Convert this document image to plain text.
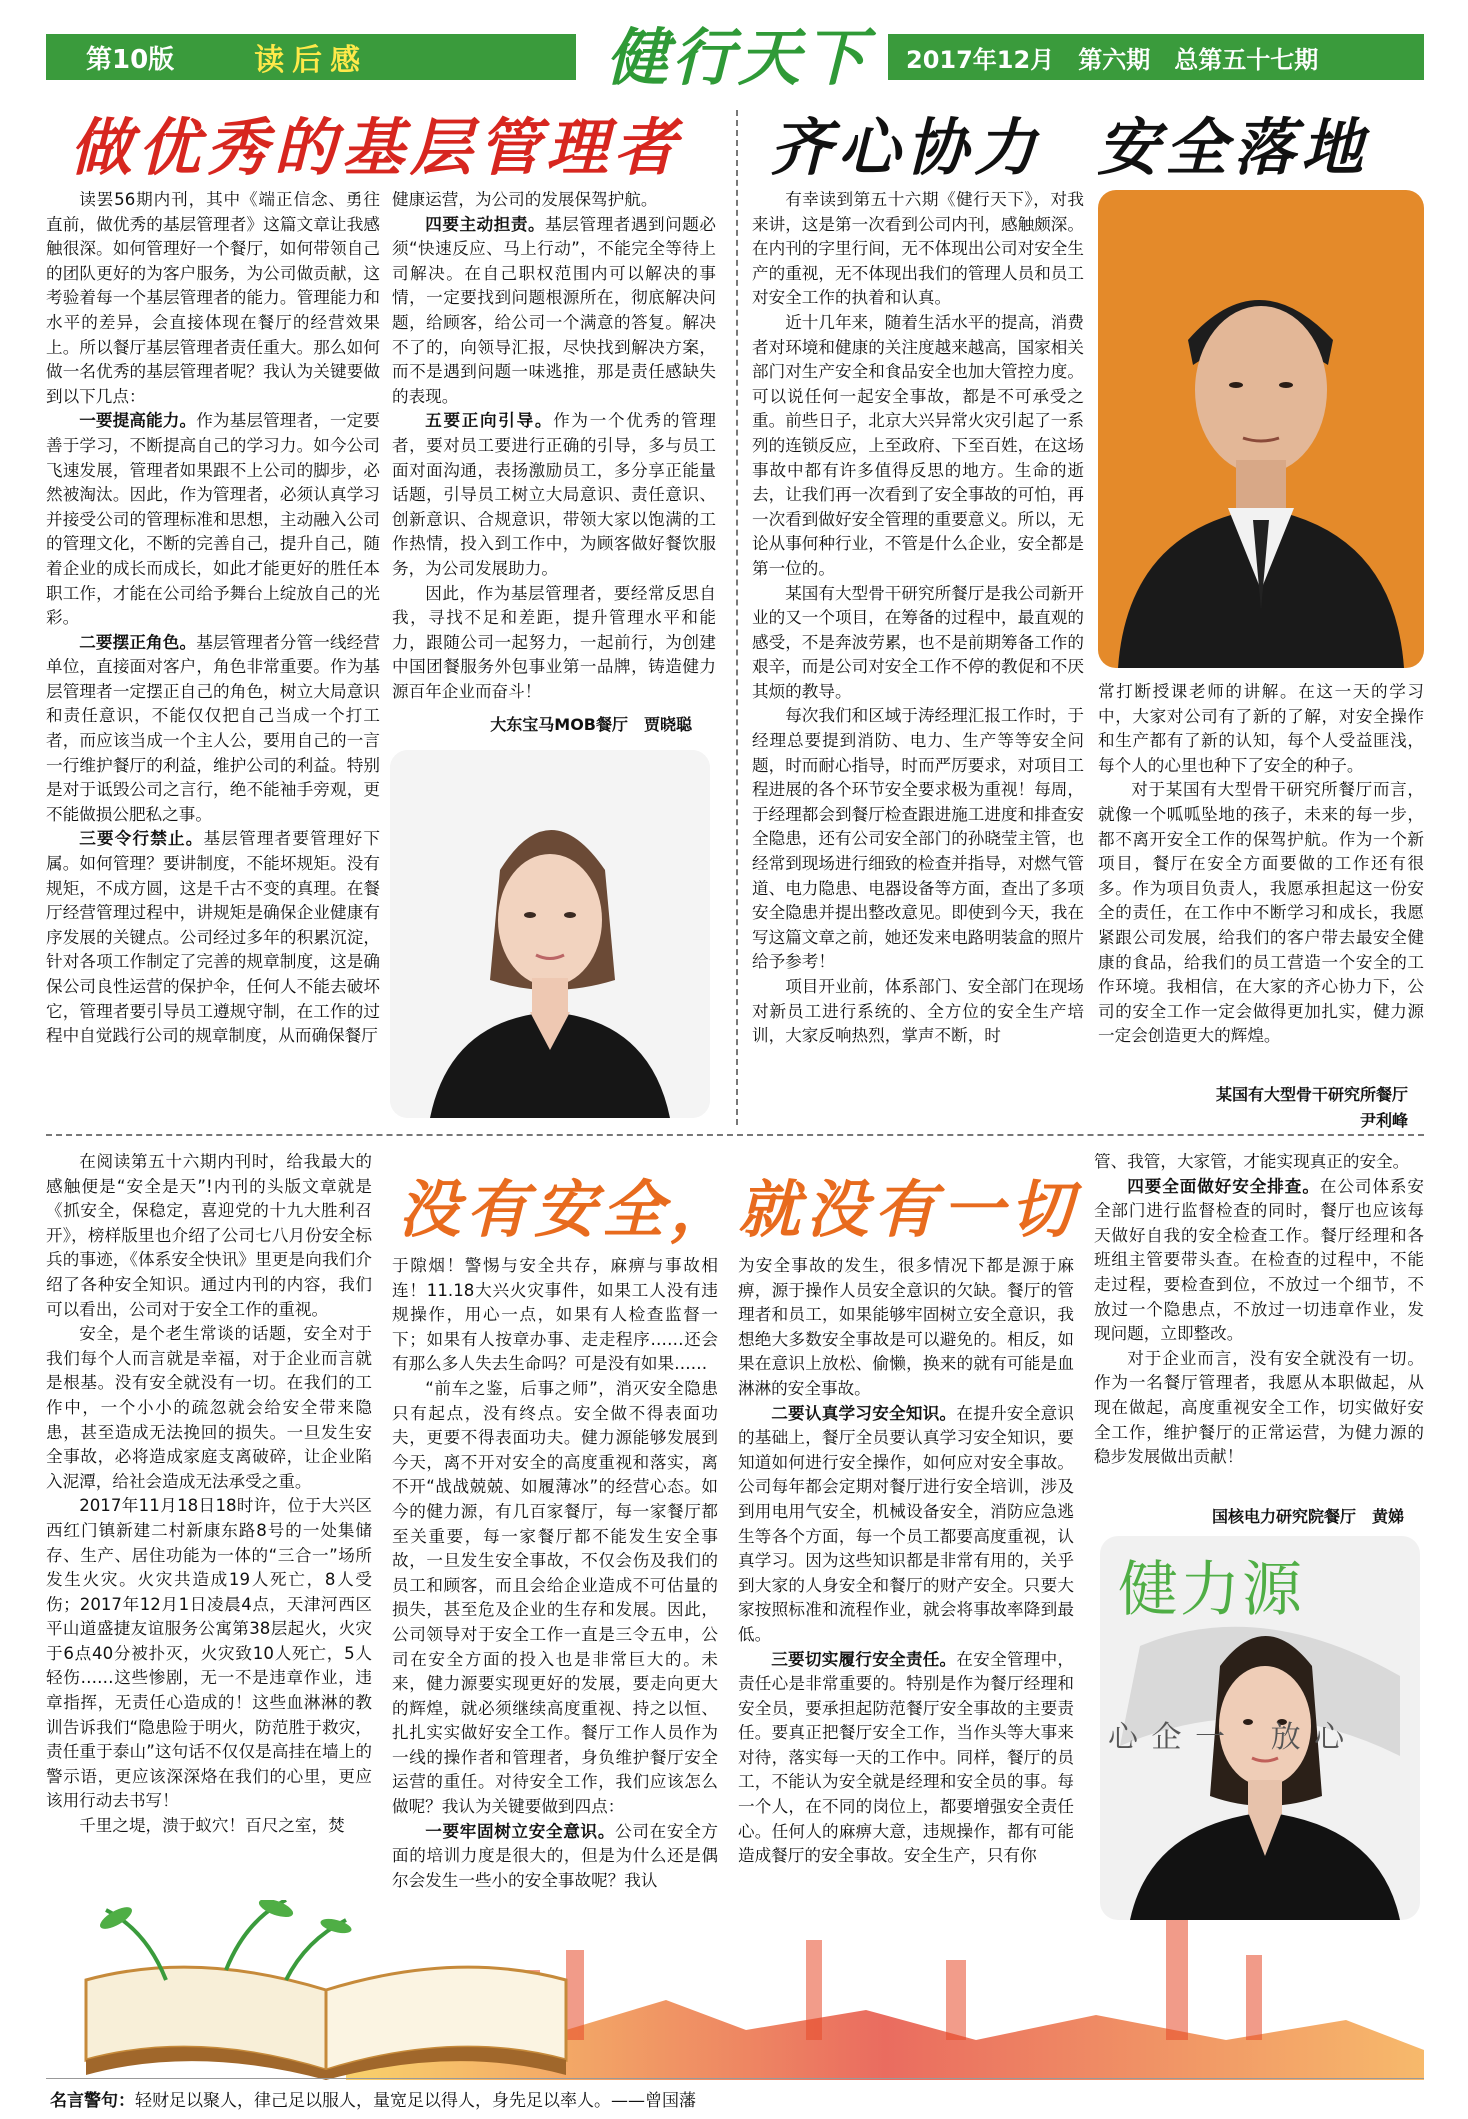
第10版	读后感	健行天下	2017年12月　第六期　总第五十七期
做优秀的基层管理者

读罢56期内刊，其中《端正信念、勇往直前，做优秀的基层管理者》这篇文章让我感触很深。如何管理好一个餐厅，如何带领自己的团队更好的为客户服务，为公司做贡献，这考验着每一个基层管理者的能力。管理能力和水平的差异，会直接体现在餐厅的经营效果上。所以餐厅基层管理者责任重大。那么如何做一名优秀的基层管理者呢？我认为关键要做到以下几点：

一要提高能力。作为基层管理者，一定要善于学习，不断提高自己的学习力。如今公司飞速发展，管理者如果跟不上公司的脚步，必然被淘汰。因此，作为管理者，必须认真学习并接受公司的管理标准和思想，主动融入公司的管理文化，不断的完善自己，提升自己，随着企业的成长而成长，如此才能更好的胜任本职工作，才能在公司给予舞台上绽放自己的光彩。

二要摆正角色。基层管理者分管一线经营单位，直接面对客户，角色非常重要。作为基层管理者一定摆正自己的角色，树立大局意识和责任意识，不能仅仅把自己当成一个打工者，而应该当成一个主人公，要用自己的一言一行维护餐厅的利益，维护公司的利益。特别是对于诋毁公司之言行，绝不能袖手旁观，更不能做损公肥私之事。

三要令行禁止。基层管理者要管理好下属。如何管理？要讲制度，不能坏规矩。没有规矩，不成方圆，这是千古不变的真理。在餐厅经营管理过程中，讲规矩是确保企业健康有序发展的关键点。公司经过多年的积累沉淀，针对各项工作制定了完善的规章制度，这是确保公司良性运营的保护伞，任何人不能去破坏它，管理者要引导员工遵规守制，在工作的过程中自觉践行公司的规章制度，从而确保餐厅

健康运营，为公司的发展保驾护航。

四要主动担责。基层管理者遇到问题必须“快速反应、马上行动”，不能完全等待上司解决。在自己职权范围内可以解决的事情，一定要找到问题根源所在，彻底解决问题，给顾客，给公司一个满意的答复。解决不了的，向领导汇报，尽快找到解决方案，而不是遇到问题一味逃推，那是责任感缺失的表现。

五要正向引导。作为一个优秀的管理者，要对员工要进行正确的引导，多与员工面对面沟通，表扬激励员工，多分享正能量话题，引导员工树立大局意识、责任意识、创新意识、合规意识，带领大家以饱满的工作热情，投入到工作中，为顾客做好餐饮服务，为公司发展助力。

因此，作为基层管理者，要经常反思自我，寻找不足和差距，提升管理水平和能力，跟随公司一起努力，一起前行，为创建中国团餐服务外包事业第一品牌，铸造健力源百年企业而奋斗！

大东宝马MOB餐厅　贾晓聪
齐心协力  安全落地

有幸读到第五十六期《健行天下》，对我来讲，这是第一次看到公司内刊，感触颇深。在内刊的字里行间，无不体现出公司对安全生产的重视，无不体现出我们的管理人员和员工对安全工作的执着和认真。

近十几年来，随着生活水平的提高，消费者对环境和健康的关注度越来越高，国家相关部门对生产安全和食品安全也加大管控力度。可以说任何一起安全事故，都是不可承受之重。前些日子，北京大兴异常火灾引起了一系列的连锁反应，上至政府、下至百姓，在这场事故中都有许多值得反思的地方。生命的逝去，让我们再一次看到了安全事故的可怕，再一次看到做好安全管理的重要意义。所以，无论从事何种行业，不管是什么企业，安全都是第一位的。

某国有大型骨干研究所餐厅是我公司新开业的又一个项目，在筹备的过程中，最直观的感受，不是奔波劳累，也不是前期筹备工作的艰辛，而是公司对安全工作不停的教促和不厌其烦的教导。

每次我们和区域于涛经理汇报工作时，于经理总要提到消防、电力、生产等等安全问题，时而耐心指导，时而严厉要求，对项目工程进展的各个环节安全要求极为重视！每周，于经理都会到餐厅检查跟进施工进度和排查安全隐患，还有公司安全部门的孙晓莹主管，也经常到现场进行细致的检查并指导，对燃气管道、电力隐患、电器设备等方面，查出了多项安全隐患并提出整改意见。即使到今天，我在写这篇文章之前，她还发来电路明装盒的照片给予参考！

项目开业前，体系部门、安全部门在现场对新员工进行系统的、全方位的安全生产培训，大家反响热烈，掌声不断，时

常打断授课老师的讲解。在这一天的学习中，大家对公司有了新的了解，对安全操作和生产都有了新的认知，每个人受益匪浅，每个人的心里也种下了安全的种子。

对于某国有大型骨干研究所餐厅而言，就像一个呱呱坠地的孩子，未来的每一步，都不离开安全工作的保驾护航。作为一个新项目，餐厅在安全方面要做的工作还有很多。作为项目负责人，我愿承担起这一份安全的责任，在工作中不断学习和成长，我愿紧跟公司发展，给我们的客户带去最安全健康的食品，给我们的员工营造一个安全的工作环境。我相信，在大家的齐心协力下，公司的安全工作一定会做得更加扎实，健力源一定会创造更大的辉煌。

某国有大型骨干研究所餐厅
尹利峰
没有安全，就没有一切

在阅读第五十六期内刊时，给我最大的感触便是“安全是天”!内刊的头版文章就是《抓安全，保稳定，喜迎党的十九大胜利召开》，榜样版里也介绍了公司七八月份安全标兵的事迹，《体系安全快讯》里更是向我们介绍了各种安全知识。通过内刊的内容，我们可以看出，公司对于安全工作的重视。

安全，是个老生常谈的话题，安全对于我们每个人而言就是幸福，对于企业而言就是根基。没有安全就没有一切。在我们的工作中，一个小小的疏忽就会给安全带来隐患，甚至造成无法挽回的损失。一旦发生安全事故，必将造成家庭支离破碎，让企业陷入泥潭，给社会造成无法承受之重。

2017年11月18日18时许，位于大兴区西红门镇新建二村新康东路8号的一处集储存、生产、居住功能为一体的“三合一”场所发生火灾。火灾共造成19人死亡，8人受伤；2017年12月1日凌晨4点，天津河西区平山道盛捷友谊服务公寓第38层起火，火灾于6点40分被扑灭，火灾致10人死亡，5人轻伤……这些惨剧，无一不是违章作业，违章指挥，无责任心造成的！这些血淋淋的教训告诉我们“隐患险于明火，防范胜于救灾，责任重于泰山”这句话不仅仅是高挂在墙上的警示语，更应该深深烙在我们的心里，更应该用行动去书写！

千里之堤，溃于蚁穴！百尺之室，焚

于隙烟！警惕与安全共存，麻痹与事故相连！11.18大兴火灾事件，如果工人没有违规操作，用心一点，如果有人检查监督一下；如果有人按章办事、走走程序……还会有那么多人失去生命吗？可是没有如果……

“前车之鉴，后事之师”，消灭安全隐患只有起点，没有终点。安全做不得表面功夫，更要不得表面功夫。健力源能够发展到今天，离不开对安全的高度重视和落实，离不开“战战兢兢、如履薄冰”的经营心态。如今的健力源，有几百家餐厅，每一家餐厅都至关重要，每一家餐厅都不能发生安全事故，一旦发生安全事故，不仅会伤及我们的员工和顾客，而且会给企业造成不可估量的损失，甚至危及企业的生存和发展。因此，公司领导对于安全工作一直是三令五申，公司在安全方面的投入也是非常巨大的。未来，健力源要实现更好的发展，要走向更大的辉煌，就必须继续高度重视、持之以恒、扎扎实实做好安全工作。餐厅工作人员作为一线的操作者和管理者，身负维护餐厅安全运营的重任。对待安全工作，我们应该怎么做呢？我认为关键要做到四点：

一要牢固树立安全意识。公司在安全方面的培训力度是很大的，但是为什么还是偶尔会发生一些小的安全事故呢？我认

为安全事故的发生，很多情况下都是源于麻痹，源于操作人员安全意识的欠缺。餐厅的管理者和员工，如果能够牢固树立安全意识，我想绝大多数安全事故是可以避免的。相反，如果在意识上放松、偷懒，换来的就有可能是血淋淋的安全事故。

二要认真学习安全知识。在提升安全意识的基础上，餐厅全员要认真学习安全知识，要知道如何进行安全操作，如何应对安全事故。公司每年都会定期对餐厅进行安全培训，涉及到用电用气安全，机械设备安全，消防应急逃生等各个方面，每一个员工都要高度重视，认真学习。因为这些知识都是非常有用的，关乎到大家的人身安全和餐厅的财产安全。只要大家按照标准和流程作业，就会将事故率降到最低。

三要切实履行安全责任。在安全管理中，责任心是非常重要的。特别是作为餐厅经理和安全员，要承担起防范餐厅安全事故的主要责任。要真正把餐厅安全工作，当作头等大事来对待，落实每一天的工作中。同样，餐厅的员工，不能认为安全就是经理和安全员的事。每一个人，在不同的岗位上，都要增强安全责任心。任何人的麻痹大意，违规操作，都有可能造成餐厅的安全事故。安全生产，只有你

管、我管，大家管，才能实现真正的安全。

四要全面做好安全排查。在公司体系安全部门进行监督检查的同时，餐厅也应该每天做好自我的安全检查工作。餐厅经理和各班组主管要带头查。在检查的过程中，不能走过程，要检查到位，不放过一个细节，不放过一个隐患点，不放过一切违章作业，发现问题，立即整改。

对于企业而言，没有安全就没有一切。作为一名餐厅管理者，我愿从本职做起，从现在做起，高度重视安全工作，切实做好安全工作，维护餐厅的正常运营，为健力源的稳步发展做出贡献！

国核电力研究院餐厅　黄娣
健力源
心 企 一 　放 心
名言警句：轻财足以聚人，律己足以服人，量宽足以得人，身先足以率人。——曾国藩
